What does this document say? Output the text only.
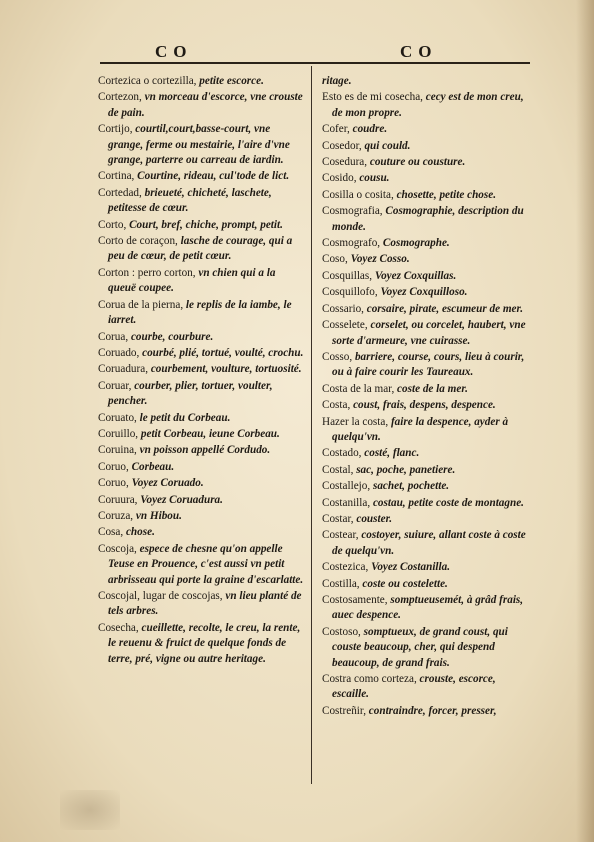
CO	CO
Cortezica o cortezilla, petite escorce.
Cortezon, vn morceau d'escorce, vne crouste de pain.
Cortijo, courtil,court,basse-court, vne grange, ferme ou mestairie, l'aire d'vne grange, parterre ou carreau de iardin.
Cortina, Courtine, rideau, cul'tode de lict.
Cortedad, brieueté, chicheté, laschete, petitesse de cœur.
Corto, Court, bref, chiche, prompt, petit.
Corto de coraçon, lasche de courage, qui a peu de cœur, de petit cœur.
Corton : perro corton, vn chien qui a la queuë coupee.
Corua de la pierna, le replis de la iambe, le iarret.
Corua, courbe, courbure.
Coruado, courbé, plié, tortué, voulté, crochu.
Coruadura, courbement, voulture, tortuosité.
Coruar, courber, plier, tortuer, voulter, pencher.
Coruato, le petit du Corbeau.
Coruillo, petit Corbeau, ieune Corbeau.
Coruina, vn poisson appellé Cordudo.
Coruo, Corbeau.
Coruo, Voyez Coruado.
Coruura, Voyez Coruadura.
Coruza, vn Hibou.
Cosa, chose.
Coscoja, espece de chesne qu'on appelle Teuse en Prouence, c'est aussi vn petit arbrisseau qui porte la graine d'escarlatte.
Coscojal, lugar de coscojas, vn lieu planté de tels arbres.
Cosecha, cueillette, recolte, le creu, la rente, le reuenu & fruict de quelque fonds de terre, pré, vigne ou autre heritage.
ritage.
Esto es de mi cosecha, cecy est de mon creu, de mon propre.
Cofer, coudre.
Cosedor, qui could.
Cosedura, couture ou cousture.
Cosido, cousu.
Cosilla o cosita, chosette, petite chose.
Cosmografia, Cosmographie, description du monde.
Cosmografo, Cosmographe.
Coso, Voyez Cosso.
Cosquillas, Voyez Coxquillas.
Cosquillofo, Voyez Coxquilloso.
Cossario, corsaire, pirate, escumeur de mer.
Cosselete, corselet, ou corcelet, haubert, vne sorte d'armeure, vne cuirasse.
Cosso, barriere, course, cours, lieu à courir, ou à faire courir les Taureaux.
Costa de la mar, coste de la mer.
Costa, coust, frais, despens, despence.
Hazer la costa, faire la despence, ayder à quelqu'vn.
Costado, costé, flanc.
Costal, sac, poche, panetiere.
Costallejo, sachet, pochette.
Costanilla, costau, petite coste de montagne.
Costar, couster.
Costear, costoyer, suiure, allant coste à coste de quelqu'vn.
Costezica, Voyez Costanilla.
Costilla, coste ou costelette.
Costosamente, somptueusemét, à grâd frais, auec despence.
Costoso, somptueux, de grand coust, qui couste beaucoup, cher, qui despend beaucoup, de grand frais.
Costra como corteza, crouste, escorce, escaille.
Costreñir, contraindre, forcer, presser,
